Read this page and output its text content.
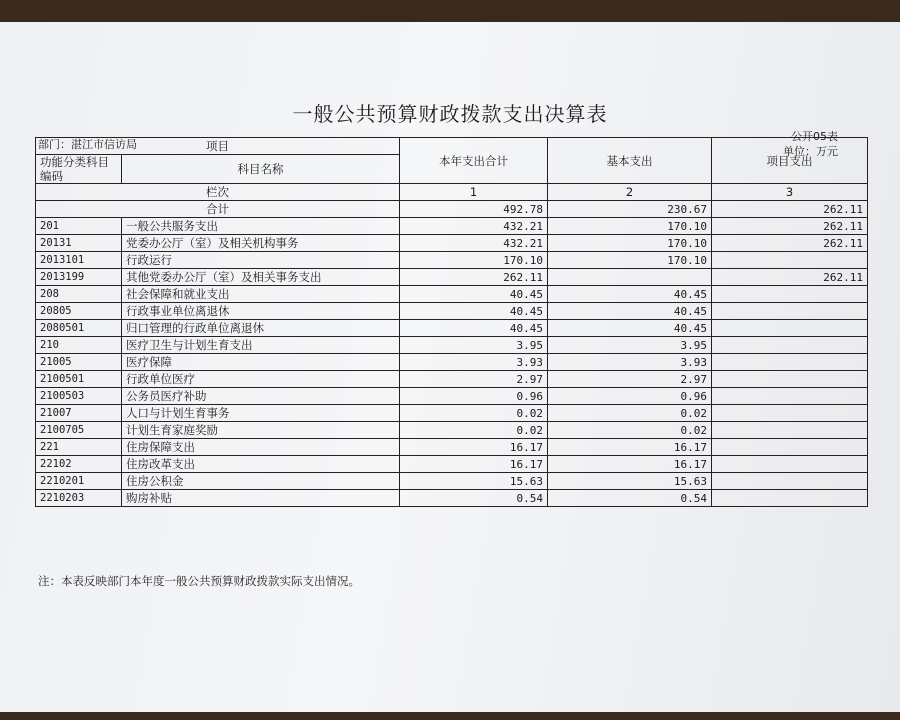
一般公共预算财政拨款支出决算表
部门：湛江市信访局
公开05表
单位：万元
项目		本年支出合计	基本支出	项目支出
功能分类科目编码	科目名称			
栏次		1	2	3
合计		492.78	230.67	262.11
201	一般公共服务支出	432.21	170.10	262.11
20131	党委办公厅（室）及相关机构事务	432.21	170.10	262.11
2013101	行政运行	170.10	170.10	
2013199	其他党委办公厅（室）及相关事务支出	262.11		262.11
208	社会保障和就业支出	40.45	40.45	
20805	行政事业单位离退休	40.45	40.45	
2080501	归口管理的行政单位离退休	40.45	40.45	
210	医疗卫生与计划生育支出	3.95	3.95	
21005	医疗保障	3.93	3.93	
2100501	行政单位医疗	2.97	2.97	
2100503	公务员医疗补助	0.96	0.96	
21007	人口与计划生育事务	0.02	0.02	
2100705	计划生育家庭奖励	0.02	0.02	
221	住房保障支出	16.17	16.17	
22102	住房改革支出	16.17	16.17	
2210201	住房公积金	15.63	15.63	
2210203	购房补贴	0.54	0.54	
注：本表反映部门本年度一般公共预算财政拨款实际支出情况。
